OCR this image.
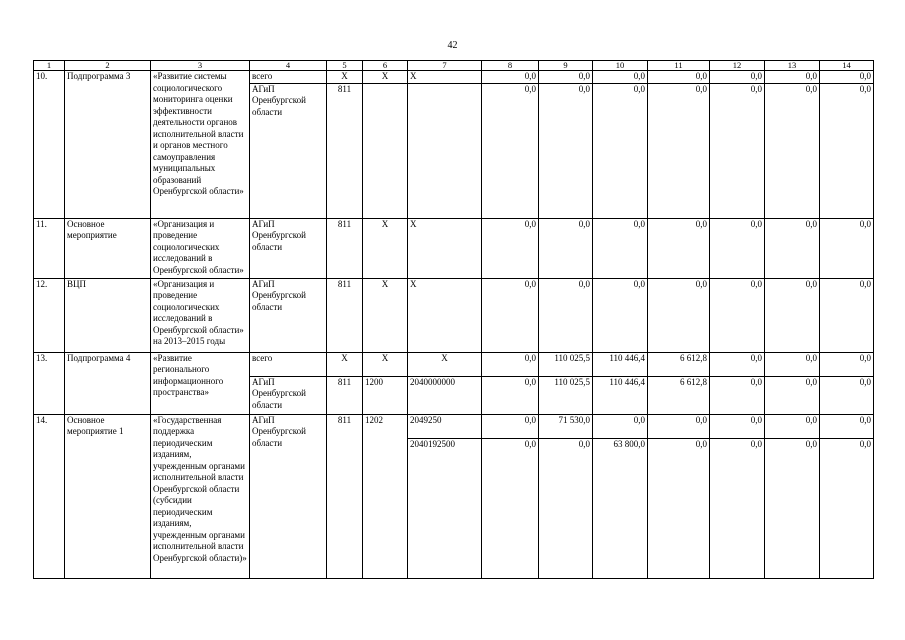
42
1	2	3	4	5	6	7	8	9	10	11	12	13	14
10.	Подпрограмма 3	«Развитие системы социологического мониторинга оценки эффективности деятельности органов исполнительной власти и органов местного самоуправления муниципальных образований Оренбургской области»	всего	X	X	X	0,0	0,0	0,0	0,0	0,0	0,0	0,0
			АГиП Оренбургской области	811			0,0	0,0	0,0	0,0	0,0	0,0	0,0
11.	Основное мероприятие	«Организация и проведение социологических исследований в Оренбургской области»	АГиП Оренбургской области	811	X	X	0,0	0,0	0,0	0,0	0,0	0,0	0,0
12.	ВЦП	«Организация и проведение социологических исследований в Оренбургской области» на 2013–2015 годы	АГиП Оренбургской области	811	X	X	0,0	0,0	0,0	0,0	0,0	0,0	0,0
13.	Подпрограмма 4	«Развитие регионального информационного пространства»	всего	X	X	X	0,0	110 025,5	110 446,4	6 612,8	0,0	0,0	0,0
			АГиП Оренбургской области	811	1200	2040000000	0,0	110 025,5	110 446,4	6 612,8	0,0	0,0	0,0
14.	Основное мероприятие 1	«Государственная поддержка периодическим изданиям, учрежденным органами исполнительной власти Оренбургской области (субсидии периодическим изданиям, учрежденным органами исполнительной власти Оренбургской области)»	АГиП Оренбургской области	811	1202	2049250	0,0	71 530,0	0,0	0,0	0,0	0,0	0,0
						2040192500	0,0	0,0	63 800,0	0,0	0,0	0,0	0,0
